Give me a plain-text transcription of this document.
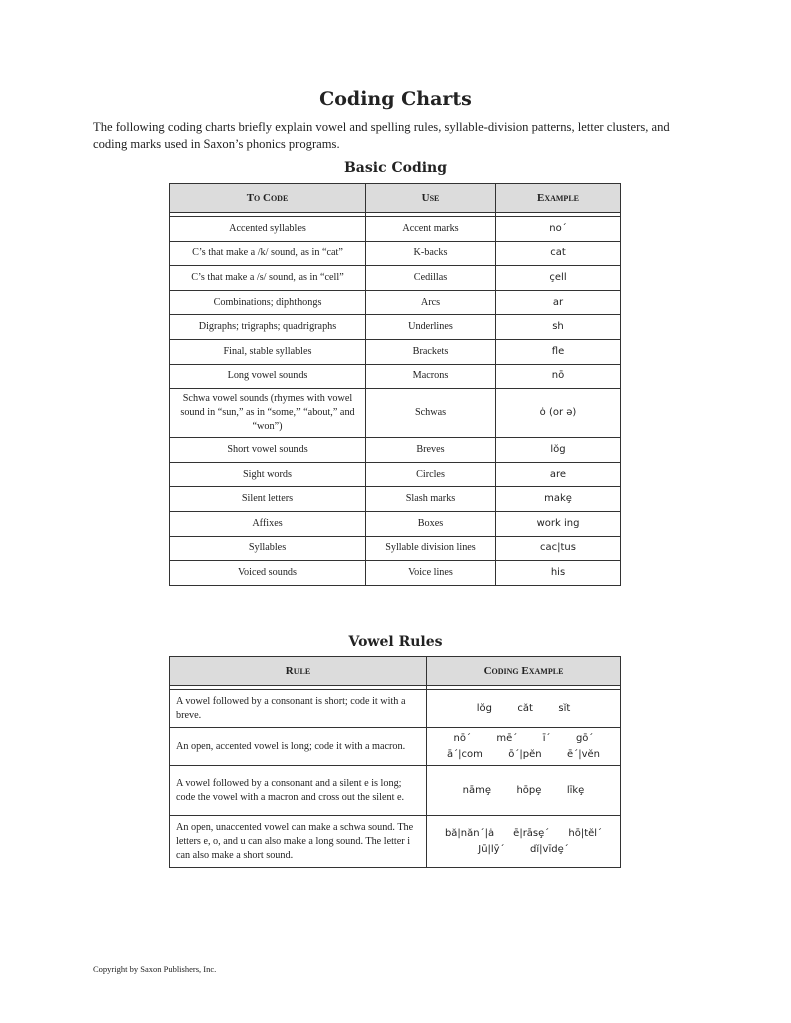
Coding Charts
The following coding charts briefly explain vowel and spelling rules, syllable-division patterns, letter clusters, and coding marks used in Saxon’s phonics programs.
Basic Coding
To Code	Use	Example

Accented syllables	Accent marks	no´
C’s that make a /k/ sound, as in “cat”	K-backs	cat
C’s that make a /s/ sound, as in “cell”	Cedillas	çell
Combinations; diphthongs	Arcs	ar
Digraphs; trigraphs; quadrigraphs	Underlines	sh
Final, stable syllables	Brackets	fle
Long vowel sounds	Macrons	nō
Schwa vowel sounds (rhymes with vowel sound in “sun,” as in “some,” “about,” and “won”)	Schwas	ȯ (or ə)
Short vowel sounds	Breves	lŏg
Sight words	Circles	are
Silent letters	Slash marks	makȩ
Affixes	Boxes	work ing
Syllables	Syllable division lines	cac|tus
Voiced sounds	Voice lines	his
Vowel Rules
Rule	Coding Example

A vowel followed by a consonant is short; code it with a breve.	lŏg        căt        sĭt

An open, accented vowel is long; code it with a macron.	nō´        mē´        ī´        gō´
ā´|com        ō´|pĕn        ē´|vĕn

A vowel followed by a consonant and a silent e is long; code the vowel with a macron and cross out the silent e.	nāmȩ        hōpȩ        līkȩ

An open, unaccented vowel can make a schwa sound. The letters e, o, and u can also make a long sound. The letter i can also make a short sound.	bă|năn´|ȧ      ē|rāsȩ´      hō|tĕl´
Jū|lȳ´        dĭ|vīdȩ´
Copyright by Saxon Publishers, Inc.
